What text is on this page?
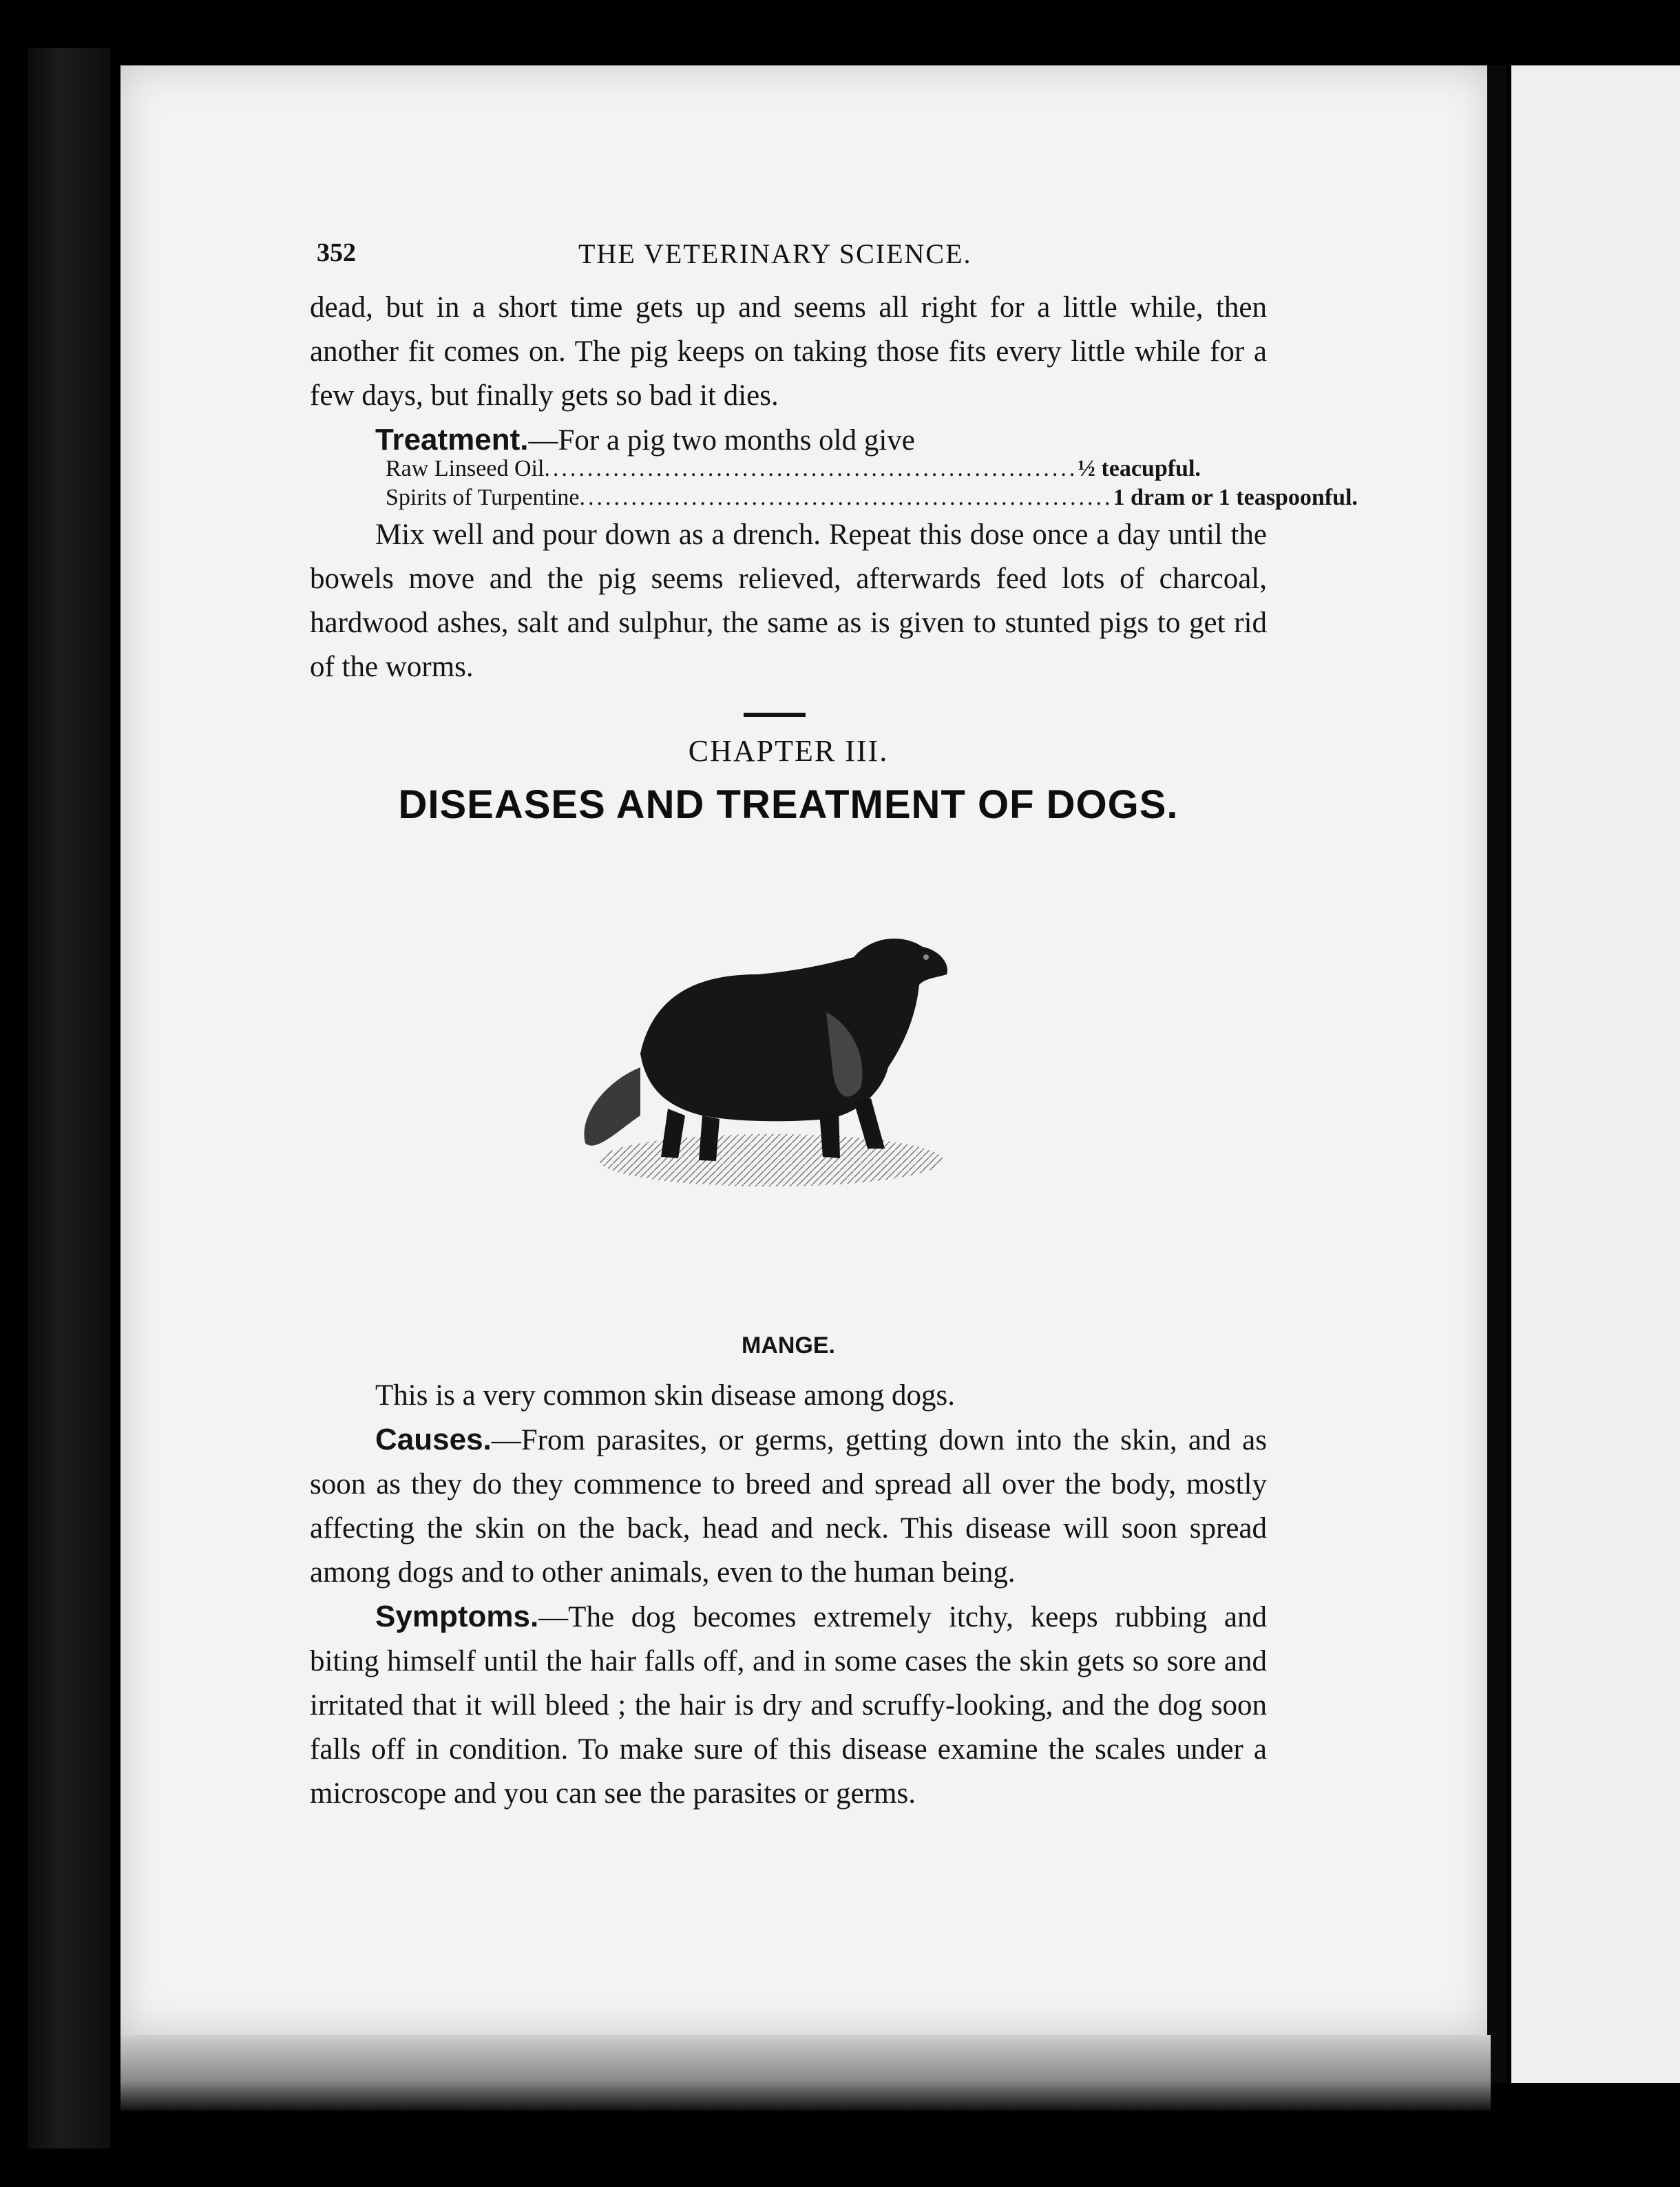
352	THE VETERINARY SCIENCE.

dead, but in a short time gets up and seems all right for a little while, then another fit comes on. The pig keeps on taking those fits every little while for a few days, but finally gets so bad it dies.

Treatment.—For a pig two months old give

Raw Linseed Oil .............................................................. ½ teacupful.
Spirits of Turpentine .............................................................. 1 dram or 1 teaspoonful.

Mix well and pour down as a drench. Repeat this dose once a day until the bowels move and the pig seems relieved, afterwards feed lots of charcoal, hardwood ashes, salt and sulphur, the same as is given to stunted pigs to get rid of the worms.

CHAPTER III.
DISEASES AND TREATMENT OF DOGS.
MANGE.

This is a very common skin disease among dogs.

Causes.—From parasites, or germs, getting down into the skin, and as soon as they do they commence to breed and spread all over the body, mostly affecting the skin on the back, head and neck. This disease will soon spread among dogs and to other animals, even to the human being.

Symptoms.—The dog becomes extremely itchy, keeps rubbing and biting himself until the hair falls off, and in some cases the skin gets so sore and irritated that it will bleed ; the hair is dry and scruffy-looking, and the dog soon falls off in condition. To make sure of this disease examine the scales under a microscope and you can see the parasites or germs.
